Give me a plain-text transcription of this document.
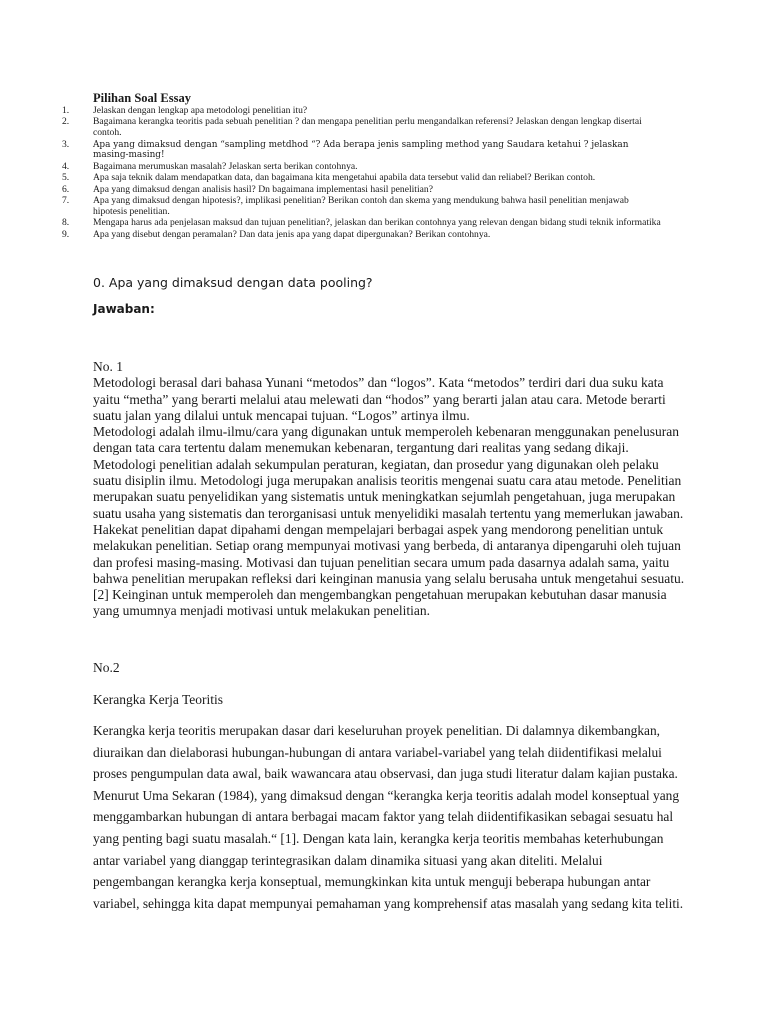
Pilihan Soal Essay
1.	Jelaskan dengan lengkap apa metodologi penelitian itu?
2.	Bagaimana kerangka teoritis pada sebuah penelitian ? dan mengapa penelitian perlu mengandalkan referensi? Jelaskan dengan lengkap disertai contoh.
3.	Apa yang dimaksud dengan “sampling metdhod “? Ada berapa jenis sampling method yang Saudara ketahui ? jelaskan masing-masing!
4.	Bagaimana merumuskan masalah? Jelaskan serta berikan contohnya.
5.	Apa saja teknik dalam mendapatkan data, dan bagaimana kita mengetahui apabila data tersebut valid dan reliabel? Berikan contoh.
6.	Apa yang dimaksud dengan analisis hasil? Dn bagaimana implementasi hasil penelitian?
7.	Apa yang dimaksud dengan hipotesis?, implikasi penelitian? Berikan contoh dan skema yang mendukung bahwa hasil penelitian menjawab hipotesis penelitian.
8.	Mengapa harus ada penjelasan maksud dan tujuan penelitian?, jelaskan dan berikan contohnya yang relevan dengan bidang studi teknik informatika
9.	Apa yang disebut dengan peramalan? Dan data jenis apa yang dapat dipergunakan? Berikan contohnya.
0. Apa yang dimaksud dengan data pooling?
Jawaban:

No. 1

Metodologi berasal dari bahasa Yunani “metodos” dan “logos”. Kata “metodos” terdiri dari dua suku kata yaitu “metha” yang berarti melalui atau melewati dan “hodos” yang berarti jalan atau cara. Metode berarti suatu jalan yang dilalui untuk mencapai tujuan. “Logos” artinya ilmu.

Metodologi adalah ilmu-ilmu/cara yang digunakan untuk memperoleh kebenaran menggunakan penelusuran dengan tata cara tertentu dalam menemukan kebenaran, tergantung dari realitas yang sedang dikaji.

Metodologi penelitian adalah sekumpulan peraturan, kegiatan, dan prosedur yang digunakan oleh pelaku suatu disiplin ilmu. Metodologi juga merupakan analisis teoritis mengenai suatu cara atau metode. Penelitian merupakan suatu penyelidikan yang sistematis untuk meningkatkan sejumlah pengetahuan, juga merupakan suatu usaha yang sistematis dan terorganisasi untuk menyelidiki masalah tertentu yang memerlukan jawaban. Hakekat penelitian dapat dipahami dengan mempelajari berbagai aspek yang mendorong penelitian untuk melakukan penelitian. Setiap orang mempunyai motivasi yang berbeda, di antaranya dipengaruhi oleh tujuan dan profesi masing-masing. Motivasi dan tujuan penelitian secara umum pada dasarnya adalah sama, yaitu bahwa penelitian merupakan refleksi dari keinginan manusia yang selalu berusaha untuk mengetahui sesuatu. [2] Keinginan untuk memperoleh dan mengembangkan pengetahuan merupakan kebutuhan dasar manusia yang umumnya menjadi motivasi untuk melakukan penelitian.

No.2
Kerangka Kerja Teoritis

Kerangka kerja teoritis merupakan dasar dari keseluruhan proyek penelitian. Di dalamnya dikembangkan, diuraikan dan dielaborasi hubungan-hubungan di antara variabel-variabel yang telah diidentifikasi melalui proses pengumpulan data awal, baik wawancara atau observasi, dan juga studi literatur dalam kajian pustaka. Menurut Uma Sekaran (1984), yang dimaksud dengan “kerangka kerja teoritis adalah model konseptual yang menggambarkan hubungan di antara berbagai macam faktor yang telah diidentifikasikan sebagai sesuatu hal yang penting bagi suatu masalah.“ [1]. Dengan kata lain, kerangka kerja teoritis membahas keterhubungan antar variabel yang dianggap terintegrasikan dalam dinamika situasi yang akan diteliti. Melalui pengembangan kerangka kerja konseptual, memungkinkan kita untuk menguji beberapa hubungan antar variabel, sehingga kita dapat mempunyai pemahaman yang komprehensif atas masalah yang sedang kita teliti.
